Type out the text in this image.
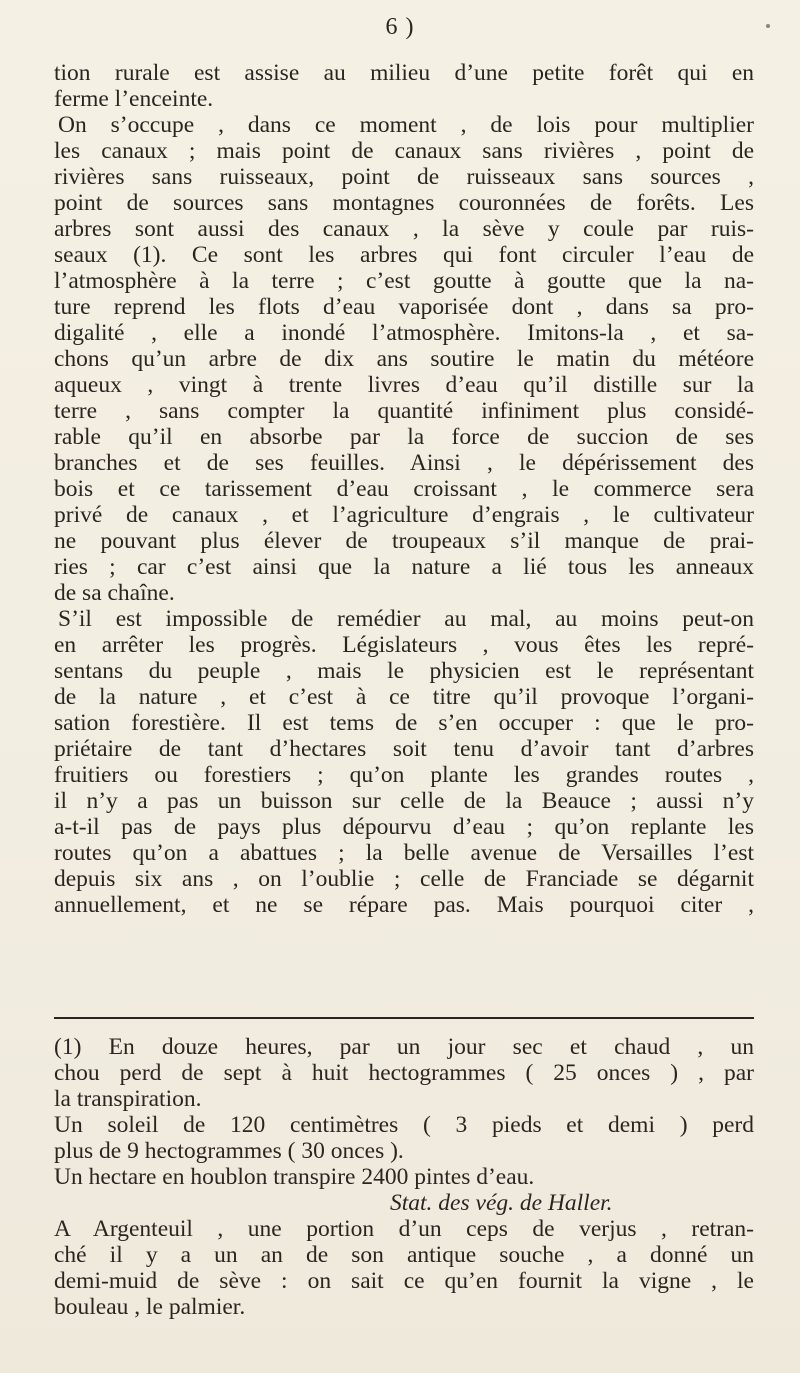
6 )
tion rurale est assise au milieu d’une petite forêt qui en
ferme l’enceinte.
On s’occupe , dans ce moment , de lois pour multiplier
les canaux ; mais point de canaux sans rivières , point de
rivières sans ruisseaux, point de ruisseaux sans sources ,
point de sources sans montagnes couronnées de forêts. Les
arbres sont aussi des canaux , la sève y coule par ruis-
seaux (1). Ce sont les arbres qui font circuler l’eau de
l’atmosphère à la terre ; c’est goutte à goutte que la na-
ture reprend les flots d’eau vaporisée dont , dans sa pro-
digalité , elle a inondé l’atmosphère. Imitons-la , et sa-
chons qu’un arbre de dix ans soutire le matin du météore
aqueux , vingt à trente livres d’eau qu’il distille sur la
terre , sans compter la quantité infiniment plus considé-
rable qu’il en absorbe par la force de succion de ses
branches et de ses feuilles. Ainsi , le dépérissement des
bois et ce tarissement d’eau croissant , le commerce sera
privé de canaux , et l’agriculture d’engrais , le cultivateur
ne pouvant plus élever de troupeaux s’il manque de prai-
ries ; car c’est ainsi que la nature a lié tous les anneaux
de sa chaîne.
S’il est impossible de remédier au mal, au moins peut-on
en arrêter les progrès. Législateurs , vous êtes les repré-
sentans du peuple , mais le physicien est le représentant
de la nature , et c’est à ce titre qu’il provoque l’organi-
sation forestière. Il est tems de s’en occuper : que le pro-
priétaire de tant d’hectares soit tenu d’avoir tant d’arbres
fruitiers ou forestiers ; qu’on plante les grandes routes ,
il n’y a pas un buisson sur celle de la Beauce ; aussi n’y
a-t-il pas de pays plus dépourvu d’eau ; qu’on replante les
routes qu’on a abattues ; la belle avenue de Versailles l’est
depuis six ans , on l’oublie ; celle de Franciade se dégarnit
annuellement, et ne se répare pas. Mais pourquoi citer ,
(1) En douze heures, par un jour sec et chaud , un
chou perd de sept à huit hectogrammes ( 25 onces ) , par
la transpiration.
Un soleil de 120 centimètres ( 3 pieds et demi ) perd
plus de 9 hectogrammes ( 30 onces ).
Un hectare en houblon transpire 2400 pintes d’eau.
Stat. des vég. de Haller.
A Argenteuil , une portion d’un ceps de verjus , retran-
ché il y a un an de son antique souche , a donné un
demi-muid de sève : on sait ce qu’en fournit la vigne , le
bouleau , le palmier.
